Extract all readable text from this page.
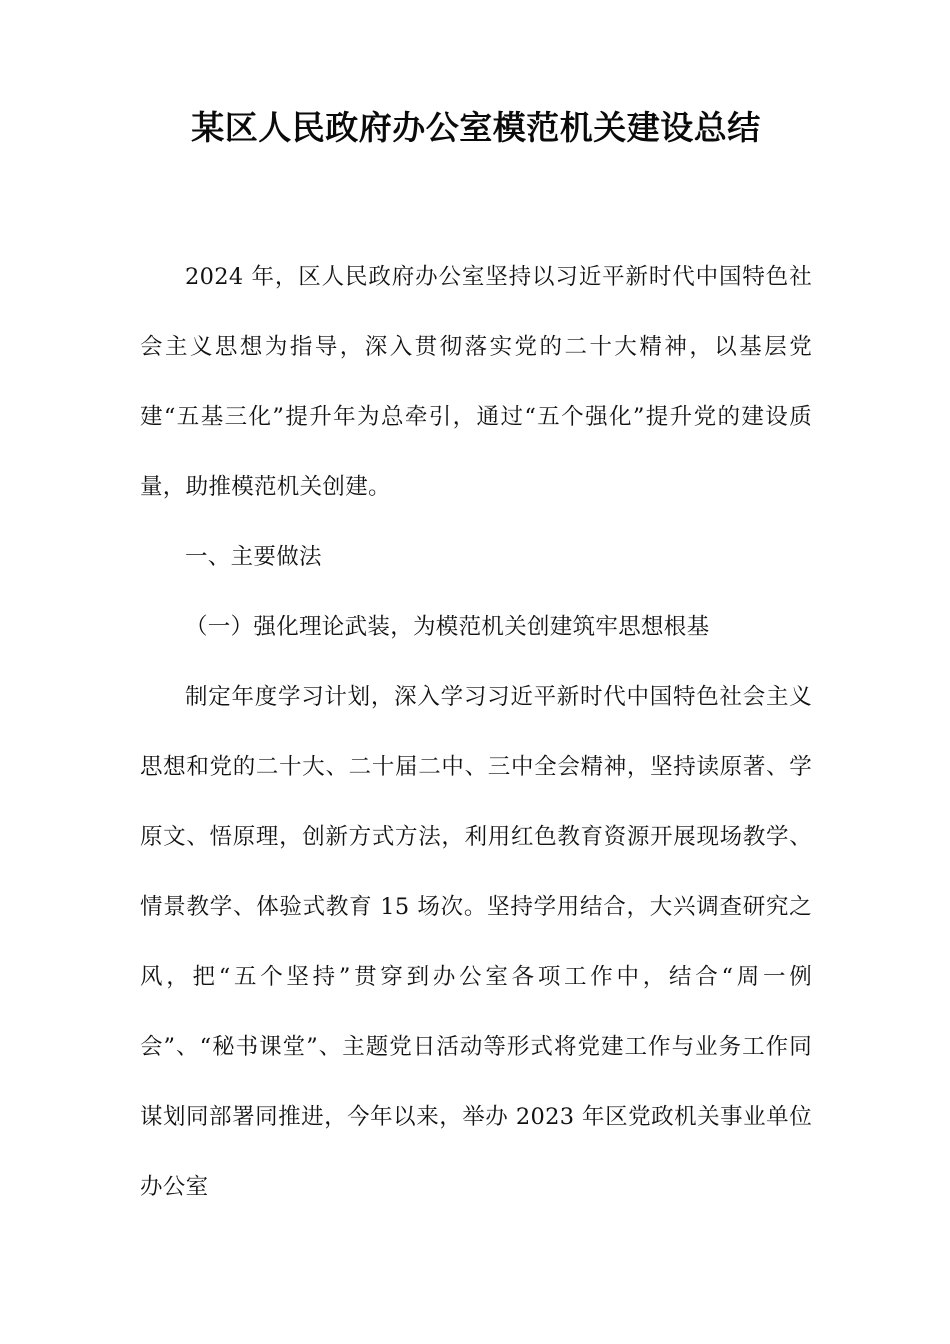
某区人民政府办公室模范机关建设总结

2024 年，区人民政府办公室坚持以习近平新时代中国特色社会主义思想为指导，深入贯彻落实党的二十大精神，以基层党建“五基三化”提升年为总牵引，通过“五个强化”提升党的建设质量，助推模范机关创建。

一、主要做法

（一）强化理论武装，为模范机关创建筑牢思想根基

制定年度学习计划，深入学习习近平新时代中国特色社会主义思想和党的二十大、二十届二中、三中全会精神，坚持读原著、学原文、悟原理，创新方式方法，利用红色教育资源开展现场教学、情景教学、体验式教育 15 场次。坚持学用结合，大兴调查研究之风，把“五个坚持”贯穿到办公室各项工作中，结合“周一例会”、“秘书课堂”、主题党日活动等形式将党建工作与业务工作同谋划同部署同推进，今年以来，举办 2023 年区党政机关事业单位办公室
